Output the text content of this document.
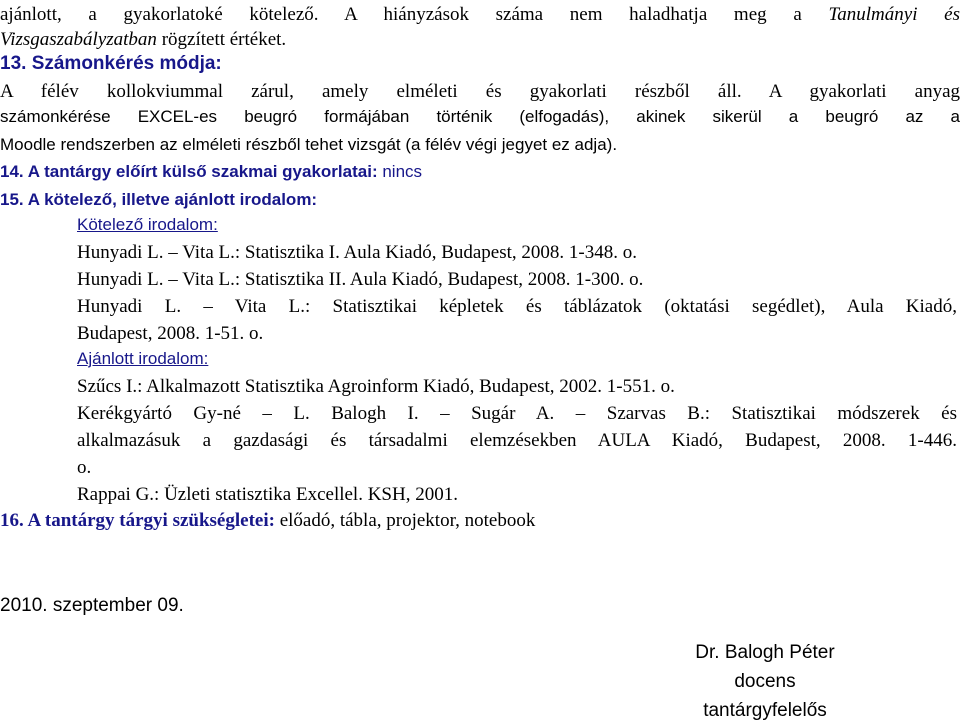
ajánlott, a gyakorlatoké kötelező. A hiányzások száma nem haladhatja meg a Tanulmányi és

Vizsgaszabályzatban rögzített értéket.

13. Számonkérés módja:

A félév kollokviummal zárul, amely elméleti és gyakorlati részből áll. A gyakorlati anyag

számonkérése EXCEL-es beugró formájában történik (elfogadás), akinek sikerül a beugró az a

Moodle rendszerben az elméleti részből tehet vizsgát (a félév végi jegyet ez adja).

14. A tantárgy előírt külső szakmai gyakorlatai: nincs

15. A kötelező, illetve ajánlott irodalom:

Kötelező irodalom:

Hunyadi L. – Vita L.: Statisztika I. Aula Kiadó, Budapest, 2008. 1-348. o.

Hunyadi L. – Vita L.: Statisztika II. Aula Kiadó, Budapest, 2008. 1-300. o.

Hunyadi L. – Vita L.: Statisztikai képletek és táblázatok (oktatási segédlet), Aula Kiadó,

Budapest, 2008. 1-51. o.

Ajánlott irodalom:

Szűcs I.: Alkalmazott Statisztika Agroinform Kiadó, Budapest, 2002. 1-551. o.

Kerékgyártó Gy-né – L. Balogh I. – Sugár A. – Szarvas B.: Statisztikai módszerek és

alkalmazásuk a gazdasági és társadalmi elemzésekben AULA Kiadó, Budapest, 2008. 1-446.

o.

Rappai G.: Üzleti statisztika Excellel. KSH, 2001.

16. A tantárgy tárgyi szükségletei: előadó, tábla, projektor, notebook

2010. szeptember 09.

Dr. Balogh Péter

docens

tantárgyfelelős
